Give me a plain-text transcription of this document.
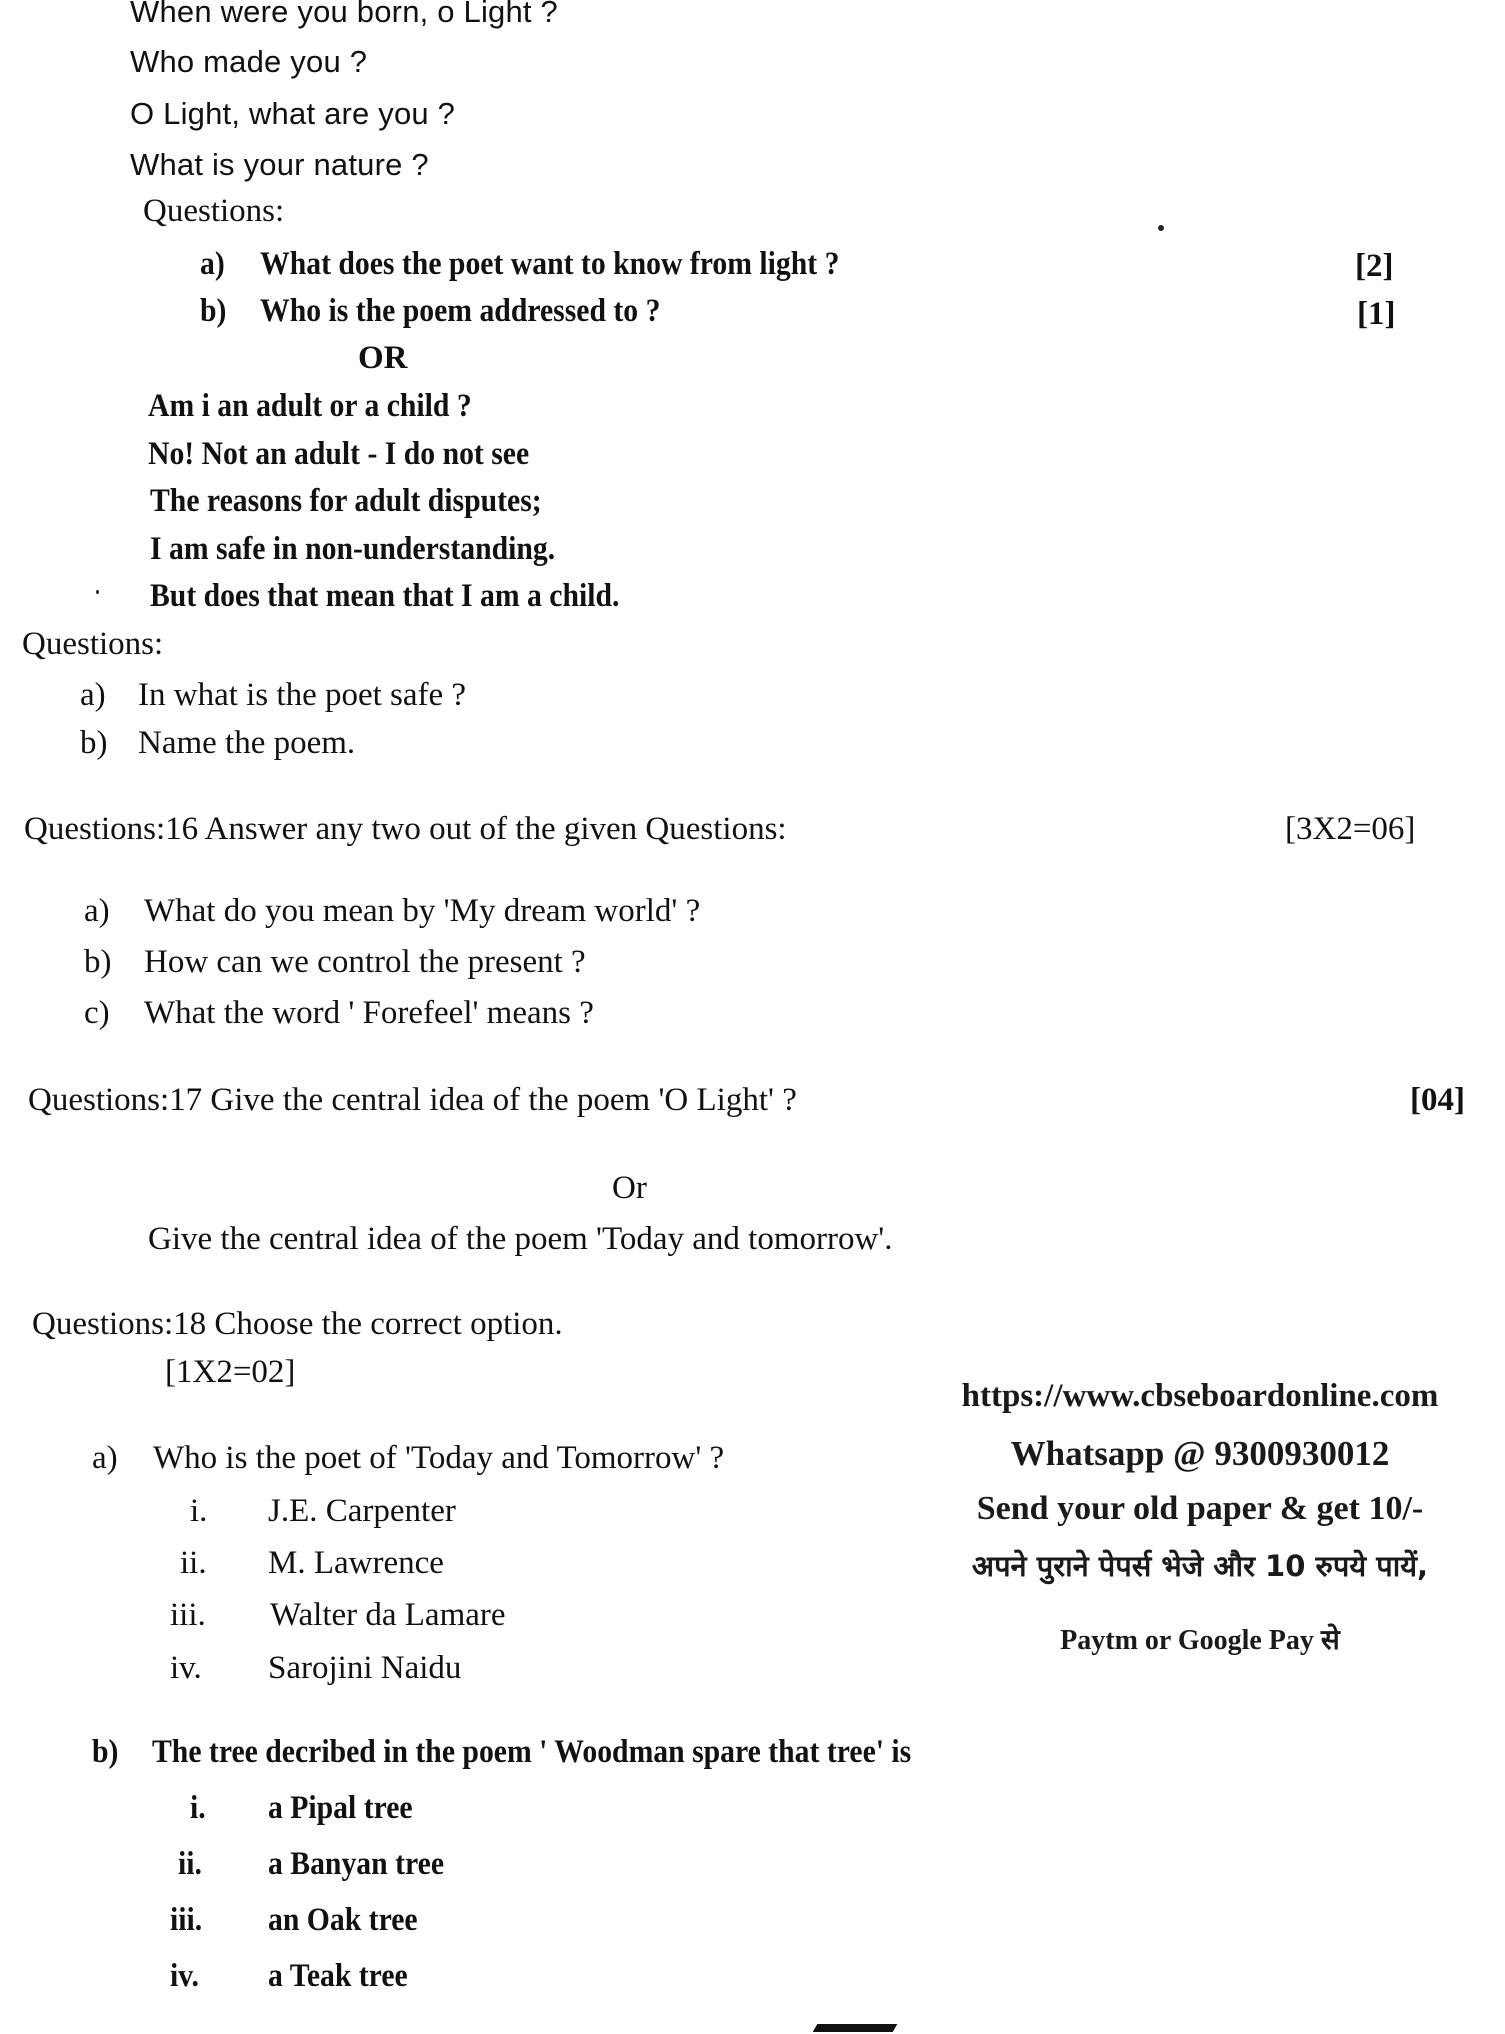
When were you born, o Light ?
Who made you ?
O Light, what are you ?
What is your nature ?
Questions:
a) What does the poet want to know from light ?	[2]
b) Who is the poem addressed to ?	[1]
OR
Am i an adult or a child ?
No! Not an adult - I do not see
The reasons for adult disputes;
I am safe in non-understanding.
But does that mean that I am a child.
Questions:
a) In what is the poet safe ?
b) Name the poem.
Questions:16 Answer any two out of the given Questions:	[3X2=06]
a) What do you mean by 'My dream world' ?
b) How can we control the present ?
c) What the word ' Forefeel' means ?
Questions:17 Give the central idea of the poem 'O Light' ?	[04]
Or
Give the central idea of the poem 'Today and tomorrow'.
Questions:18 Choose the correct option.
[1X2=02]
a) Who is the poet of 'Today and Tomorrow' ?
i. J.E. Carpenter
ii. M. Lawrence
iii. Walter da Lamare
iv. Sarojini Naidu
b) The tree decribed in the poem ' Woodman spare that tree' is
i. a Pipal tree
ii. a Banyan tree
iii. an Oak tree
iv. a Teak tree
https://www.cbseboardonline.com
Whatsapp @ 9300930012
Send your old paper & get 10/-
अपने पुराने पेपर्स भेजे और 10 रुपये पायें,
Paytm or Google Pay से
